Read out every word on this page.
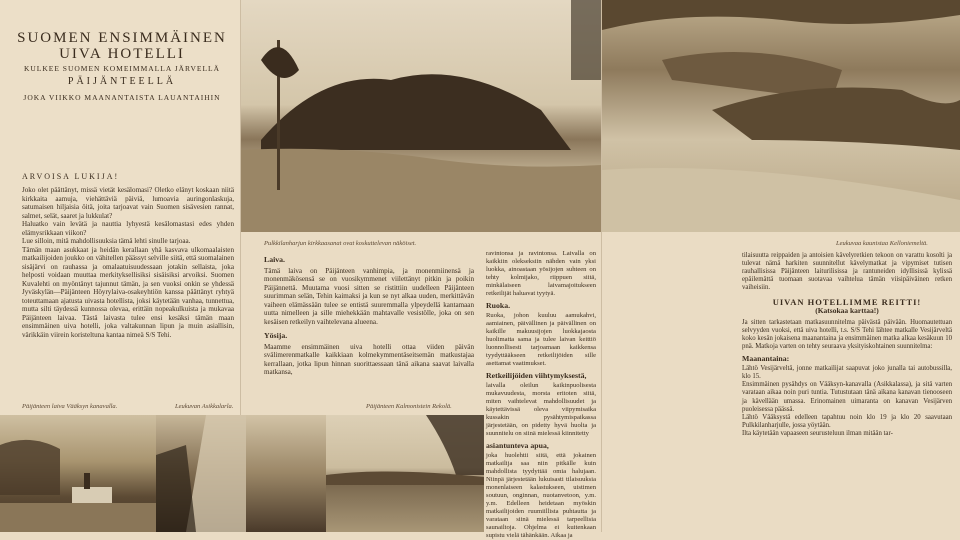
SUOMEN ENSIMMÄINEN
UIVA HOTELLI
KULKEE SUOMEN KOMEIMMALLA JÄRVELLÄ
PÄIJÄNTEELLÄ
JOKA VIIKKO MAANANTAISTA LAUANTAIHIN
ARVOISA LUKIJA!

Joko olet päättänyt, missä vietät kesälomasi? Oletko elänyt koskaan niitä kirkkaita aamuja, viehättäviä päiviä, lumoavia auringonlaskuja, satumaisen hiljaisia öitä, joita tarjoavat vain Suomen sisävesien rannat, salmet, selät, saaret ja lukkulat?

Haluatko vain levätä ja nauttia lyhyestä kesälomastasi edes yhden elämysrikkaan viikon?

Lue silloin, mitä mahdollisuuksia tämä lehti sinulle tarjoaa.

Tämän maan asukkaat ja heidän kerallaan yhä kasvava ulkomaalaisten matkailijoiden joukko on vähitellen päässyt selville siitä, että suomalainen sisäjärvi on rauhassa ja omalaatuisuudessaan jotakin sellaista, joka helposti voidaan muuttaa merkityksellisiksi sisäisiksi arvoiksi. Suomen Kuvalehti on myöntänyt tajunnut tämän, ja sen vuoksi onkin se yhdessä Jyväskylän—Päijänteen Höyrylaiva-osakeyhtiön kanssa päättänyt ryhtyä toteuttamaan ajatusta uivasta hotellista, joksi käytetään vanhaa, tunnettua, mutta silti täydessä kunnossa olevaa, erittäin nopeakulkuista ja mukavaa Päijänteen laivaa. Tästä laivasta tulee ensi kesäksi tämän maan ensimmäinen uiva hotelli, joka valtakunnan lipun ja muin asiallisin, värikkäin viirein koristeltuna kantaa nimeä S/S Tehi.

Päijänteen laiva Vääksyn kanavalla.	Leukuvan Asikkalarla.	Päijänteen Kalmonistein Rekolä.
Pulkkilanharjun kirkkaasanat ovat koskuttelevan näköiset.	Leukuvaa kaunistaa Kelloniemeltä.
Laiva.

Tämä laiva on Päijänteen vanhimpia, ja monenmiinensä ja monenmäkösensä se on vuosikymmenet viilettänyt pitkin ja poikin Päijännettä. Muutama vuosi sitten se ristittiin uudelleen Päijänteen suurimman selän, Tehin kaimaksi ja kun se nyt alkaa uuden, merkittävän vaiheen elämässään tulee se entistä suuremmalla ylpeydellä kantamaan uutta nimelleen ja sille miehekkään mahtavalle vesistölle, joka on sen kesäisen retkeilyn vaihtelevana alueena.

Yösija.

Maamme ensimmäinen uiva hotelli ottaa viiden päivän svälimerenmatkalle kaikkiaan kolmekymmentäseitsemän matkustajaa kerrallaan, jotka lipun hinnan suorittaessaan tänä aikana saavat laivalla matkansa,

ravintonsa ja ravintonsa. Laivalla on kaikkiin olekseksiin nähden vain yksi luokka, ainoastaan yösijojen suhteen on tehty kolmijako, riippuen siitä, minkälaiseen laivamajoitukseen retkeilijät haluavat tyytyä.

Ruoka.

Ruoka, johon kuuluu aamukahvi, aamiainen, päivällinen ja päivällinen on kaikille makuusijojen luokkajaosta huolimatta sama ja tulee laivan keittiö luonnollisesti tarjoamaan kaikkensa tyydyttääkseen retkeilijöiden sille asettamat vaatimukset.

Retkeilijöiden viihtymyksestä,

laivalla oleilun kaikinpuolisesta mukavuudesta, morsta eritoten siitä, miten vaihtelevat mahdollisuudet ja käytettävissä oleva viipymisaika kussakin pysähtymispaikassa järjestetään, on pidetty hyvä huolta ja suunnitelu on siinä mielessä kiinnitetty

asiantunteva apua,

joka huolehtii siitä, että jokainen matkailija saa niin pitkälle kuin mahdollista tyydyttää omia halujaan. Niinpä järjestetään lukuisasti tilaisuuksia monenlaiseen kalastukseen, uistimen soutuun, onginnan, nuotanvetoon, y.m. y.m. Edelleen heidetaan myöskin matkailijoiden ruumiillista puhtautta ja varataan siinä mielessä tarpeellisia saunailtoja. Ohjelma ei kuitenkaan supistu vielä tähänkään. Aikaa ja

tilaisuutta reippaiden ja antoisien kävelyretkien tekoon on varattu kosolti ja tulevat nämä harkiten suunnitellut kävelymatkat ja vipymiset tutisen rauhallisissa Päijänteen laiturilisissa ja rantuneiden idyllisissä kylissä epäilemättä tuomaan suotavaa vaihtelua tämän viisipäiväinen retken vaiheisiin.

UIVAN HOTELLIMME REITTI!
(Katsokaa karttaa!)

Ja sitten tarkastetaan matkasuunnitelma päivästä päivään. Huomautettuan selvyyden vuoksi, että uiva hotelli, t.s. S/S Tehi lähtee matkalle Vesijärveltä koko kesän jokaisena maanantaina ja ensimmäinen matka alkaa kesäkuun 10 pnä. Matkoja varten on tehty seuraava yksityiskohtainen suunnitelma:

Maanantaina:

Lähtö Vesijärveltä, jonne matkailijat saapuvat joko junalla tai autobussilla, klo 15.

Ensimmäinen pysähdys on Vääksyn-kanavalla (Asikkalassa), ja sitä varten varataan aikaa noin puri tuntia. Tutustutaan tänä aikana kanavan tienooseen ja kävellään umassa. Erinomainen uimaranta on kanavan Vesijärven puoleisessa päässä.

Lähtö Vääksystä edelleen tapahtuu noin klo 19 ja klo 20 saavutaan Pulkkilanharjulle, jossa yöytään.

Ilta käytetään vapaaseen seurusteluun ilman mitään tar-
